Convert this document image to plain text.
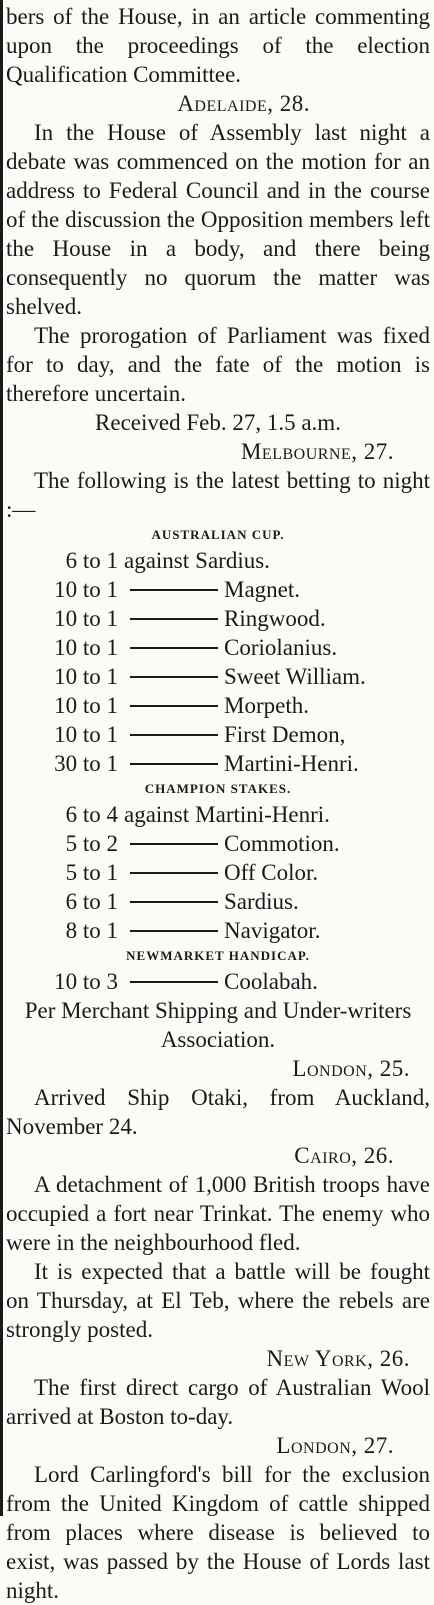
bers of the House, in an article commenting upon the proceedings of the election Qualification Committee.

Adelaide, 28.

In the House of Assembly last night a debate was commenced on the motion for an address to Federal Council and in the course of the discussion the Opposition members left the House in a body, and there being consequently no quorum the matter was shelved.

The prorogation of Parliament was fixed for to day, and the fate of the motion is therefore uncertain.

Received Feb. 27, 1.5 a.m.

Melbourne, 27.

The following is the latest betting to night :—

AUSTRALIAN CUP.

6 to 1 against Sardius.
10 to 1	Magnet.
10 to 1	Ringwood.
10 to 1	Coriolanius.
10 to 1	Sweet William.
10 to 1	Morpeth.
10 to 1	First Demon,
30 to 1	Martini-Henri.

CHAMPION STAKES.

6 to 4 against Martini-Henri.
5 to 2	Commotion.
5 to 1	Off Color.
6 to 1	Sardius.
8 to 1	Navigator.

NEWMARKET HANDICAP.

10 to 3	Coolabah.

Per Merchant Shipping and Under-writers Association.

London, 25.

Arrived Ship Otaki, from Auckland, November 24.

Cairo, 26.

A detachment of 1,000 British troops have occupied a fort near Trinkat. The enemy who were in the neighbourhood fled.

It is expected that a battle will be fought on Thursday, at El Teb, where the rebels are strongly posted.

New York, 26.

The first direct cargo of Australian Wool arrived at Boston to-day.

London, 27.

Lord Carlingford's bill for the exclusion from the United Kingdom of cattle shipped from places where disease is believed to exist, was passed by the House of Lords last night.
